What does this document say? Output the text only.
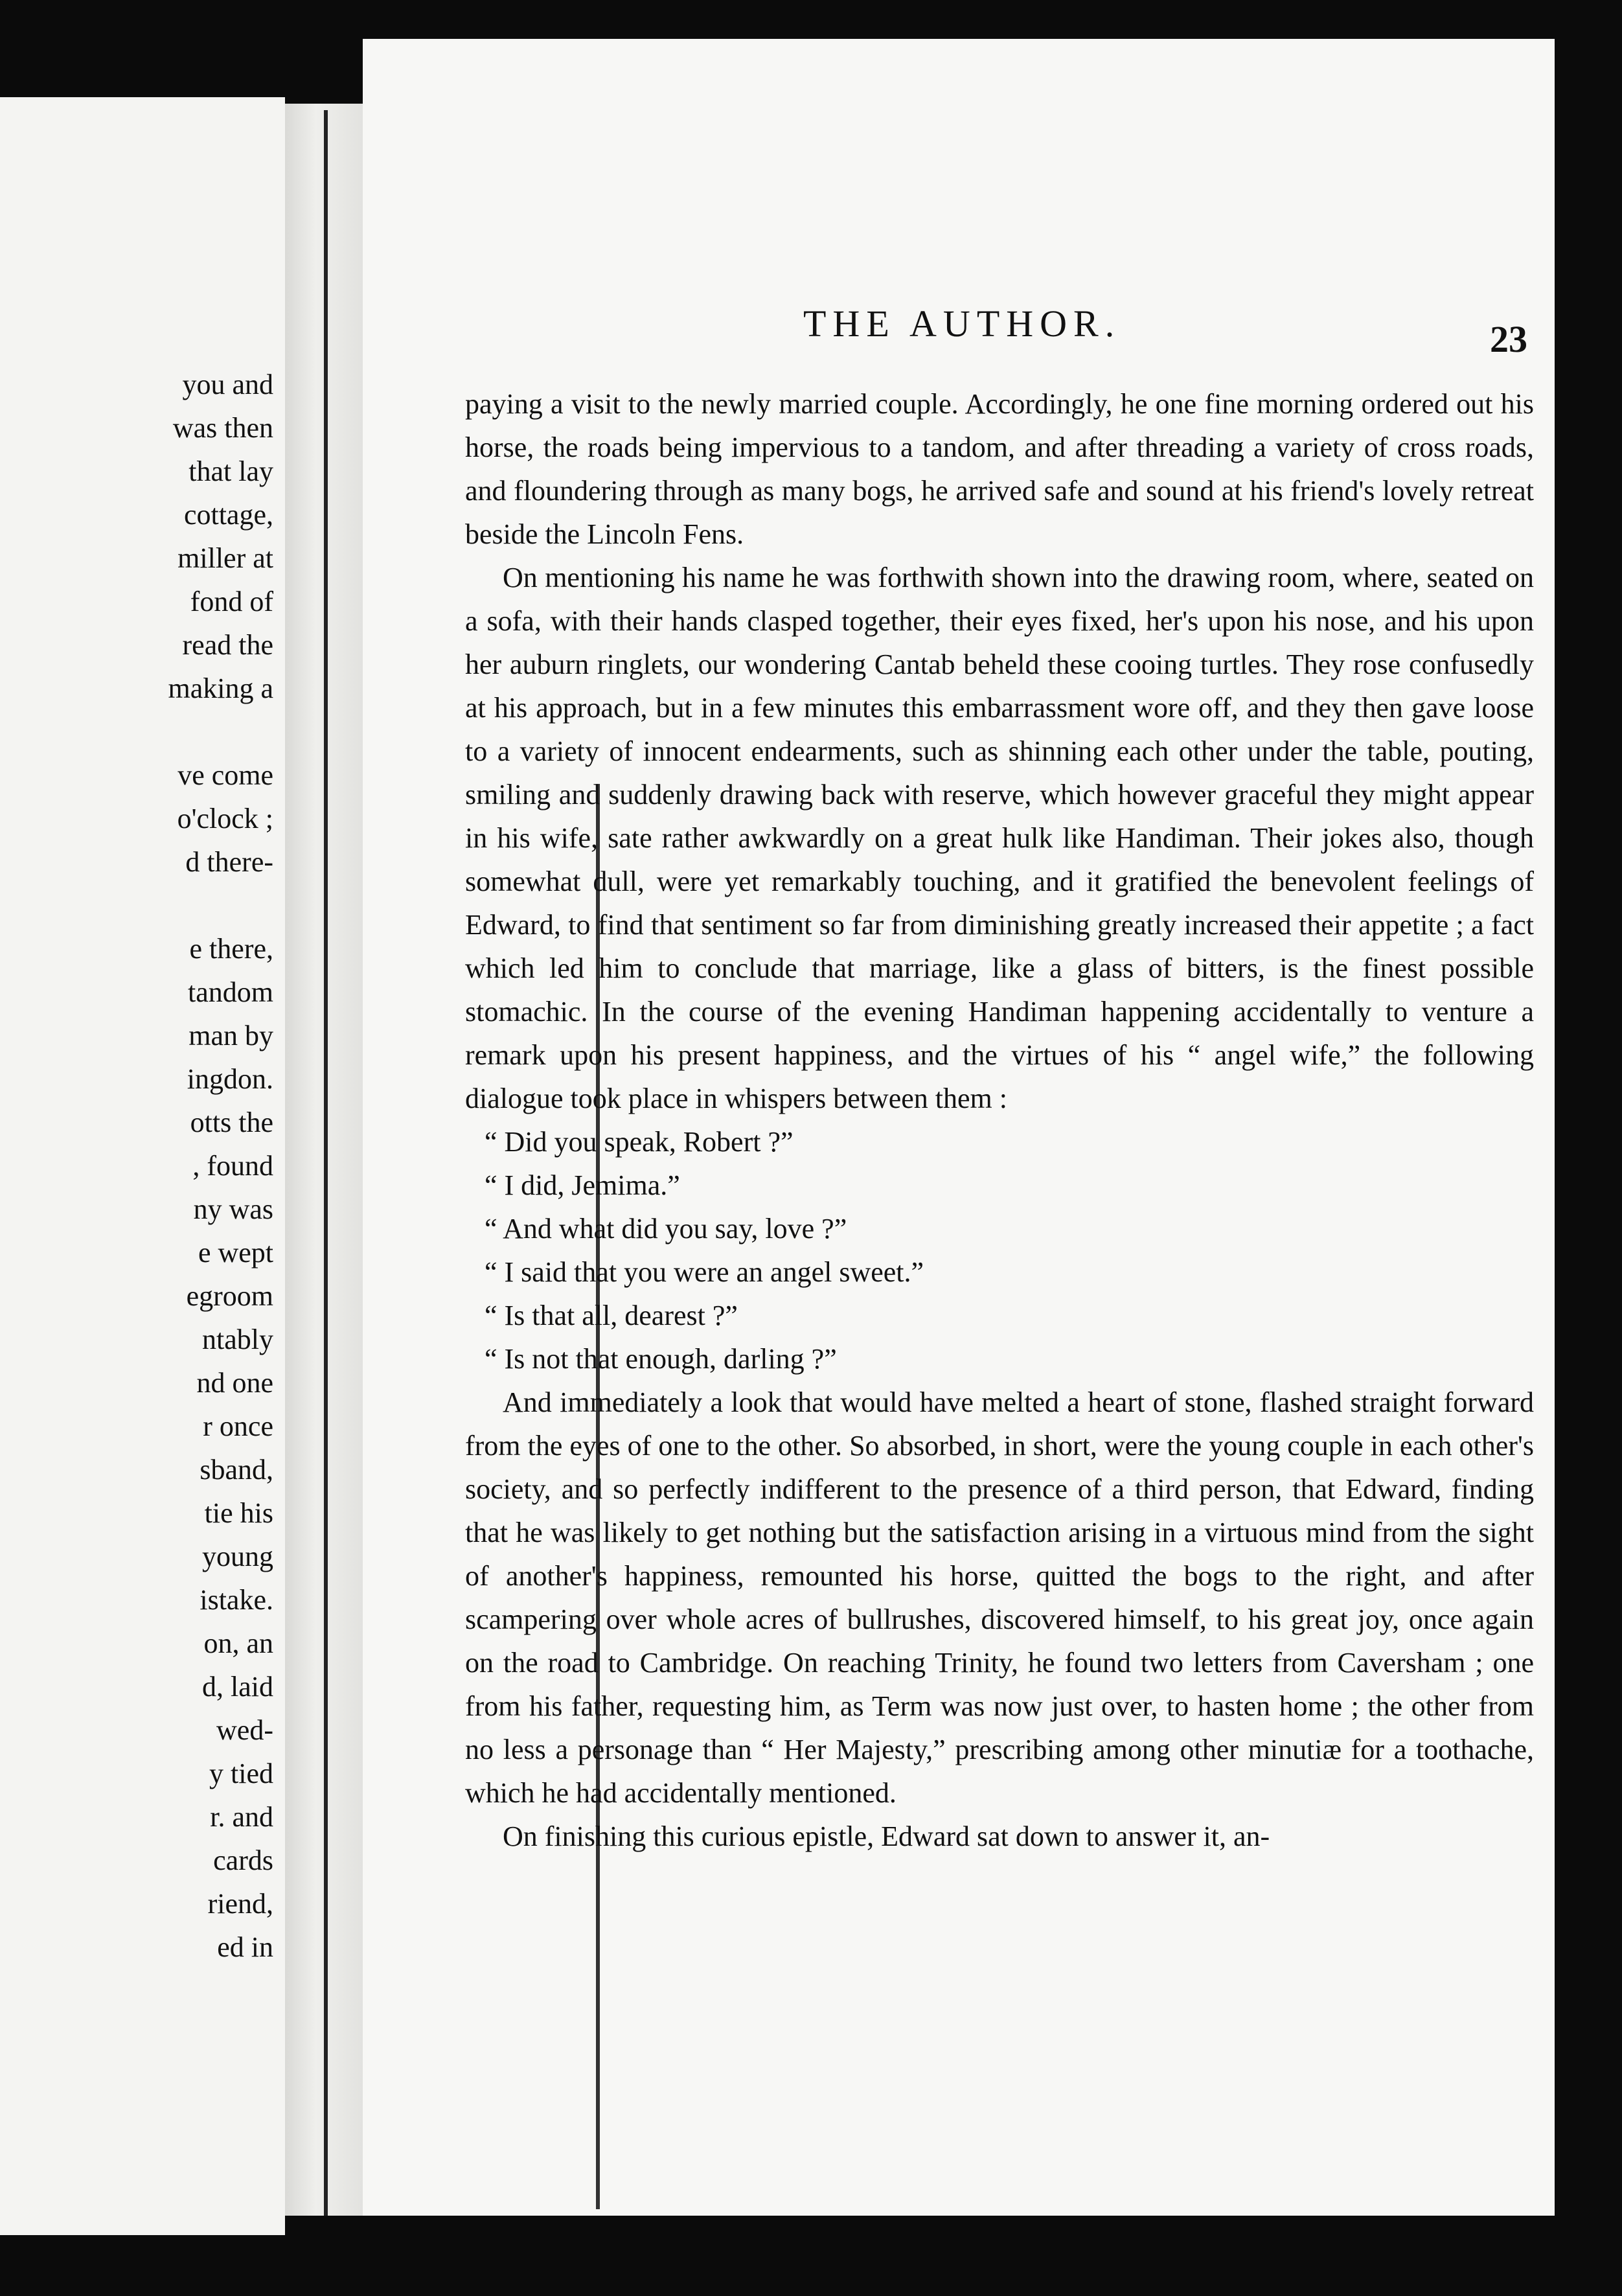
you and
was then
that lay
cottage,
miller at
fond of
read the
making a
ve come
o'clock ;
d there-
e there,
tandom
man by
ingdon.
otts the
, found
ny was
e wept
egroom
ntably
nd one
r once
sband,
tie his
young
istake.
on, an
d, laid
wed-
y tied
r. and
cards
riend,
ed in
THE AUTHOR.	23

paying a visit to the newly married couple. Accordingly, he one fine morning ordered out his horse, the roads being impervious to a tandom, and after threading a variety of cross roads, and floundering through as many bogs, he arrived safe and sound at his friend's lovely retreat beside the Lincoln Fens.

On mentioning his name he was forthwith shown into the drawing room, where, seated on a sofa, with their hands clasped together, their eyes fixed, her's upon his nose, and his upon her auburn ringlets, our wondering Cantab beheld these cooing turtles. They rose confusedly at his approach, but in a few minutes this embarrassment wore off, and they then gave loose to a variety of innocent endearments, such as shinning each other under the table, pouting, smiling and suddenly drawing back with reserve, which however graceful they might appear in his wife, sate rather awkwardly on a great hulk like Handiman. Their jokes also, though somewhat dull, were yet remarkably touching, and it gratified the benevolent feelings of Edward, to find that sentiment so far from diminishing greatly increased their appetite ; a fact which led him to conclude that marriage, like a glass of bitters, is the finest possible stomachic. In the course of the evening Handiman happening accidentally to venture a remark upon his present happiness, and the virtues of his “ angel wife,” the following dialogue took place in whispers between them :

“ Did you speak, Robert ?”

“ I did, Jemima.”

“ And what did you say, love ?”

“ I said that you were an angel sweet.”

“ Is that all, dearest ?”

“ Is not that enough, darling ?”

And immediately a look that would have melted a heart of stone, flashed straight forward from the eyes of one to the other. So absorbed, in short, were the young couple in each other's society, and so perfectly indifferent to the presence of a third person, that Edward, finding that he was likely to get nothing but the satisfaction arising in a virtuous mind from the sight of another's happiness, remounted his horse, quitted the bogs to the right, and after scampering over whole acres of bullrushes, discovered himself, to his great joy, once again on the road to Cambridge. On reaching Trinity, he found two letters from Caversham ; one from his father, requesting him, as Term was now just over, to hasten home ; the other from no less a personage than “ Her Majesty,” prescribing among other minutiæ for a toothache, which he had accidentally mentioned.

On finishing this curious epistle, Edward sat down to answer it, an-
